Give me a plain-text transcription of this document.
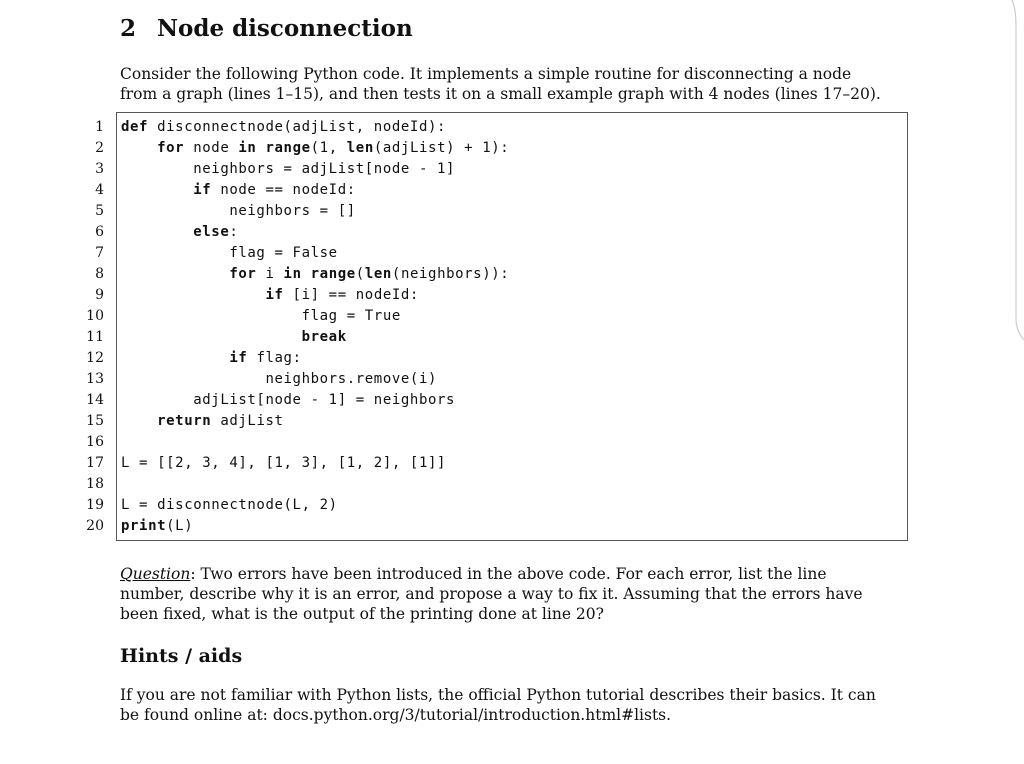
2 Node disconnection
Consider the following Python code. It implements a simple routine for disconnecting a node from a graph (lines 1–15), and then tests it on a small example graph with 4 nodes (lines 17–20).
1
2
3
4
5
6
7
8
9
10
11
12
13
14
15
16
17
18
19
20
def disconnectnode(adjList, nodeId):
for node in range(1, len(adjList) + 1):
neighbors = adjList[node - 1]
if node == nodeId:
neighbors = []
else:
flag = False
for i in range(len(neighbors)):
if [i] == nodeId:
flag = True
break
if flag:
neighbors.remove(i)
adjList[node - 1] = neighbors
return adjList
L = [[2, 3, 4], [1, 3], [1, 2], [1]]
L = disconnectnode(L, 2)
print(L)
Question: Two errors have been introduced in the above code. For each error, list the line number, describe why it is an error, and propose a way to fix it. Assuming that the errors have been fixed, what is the output of the printing done at line 20?
Hints / aids
If you are not familiar with Python lists, the official Python tutorial describes their basics. It can be found online at: docs.python.org/3/tutorial/introduction.html#lists.
